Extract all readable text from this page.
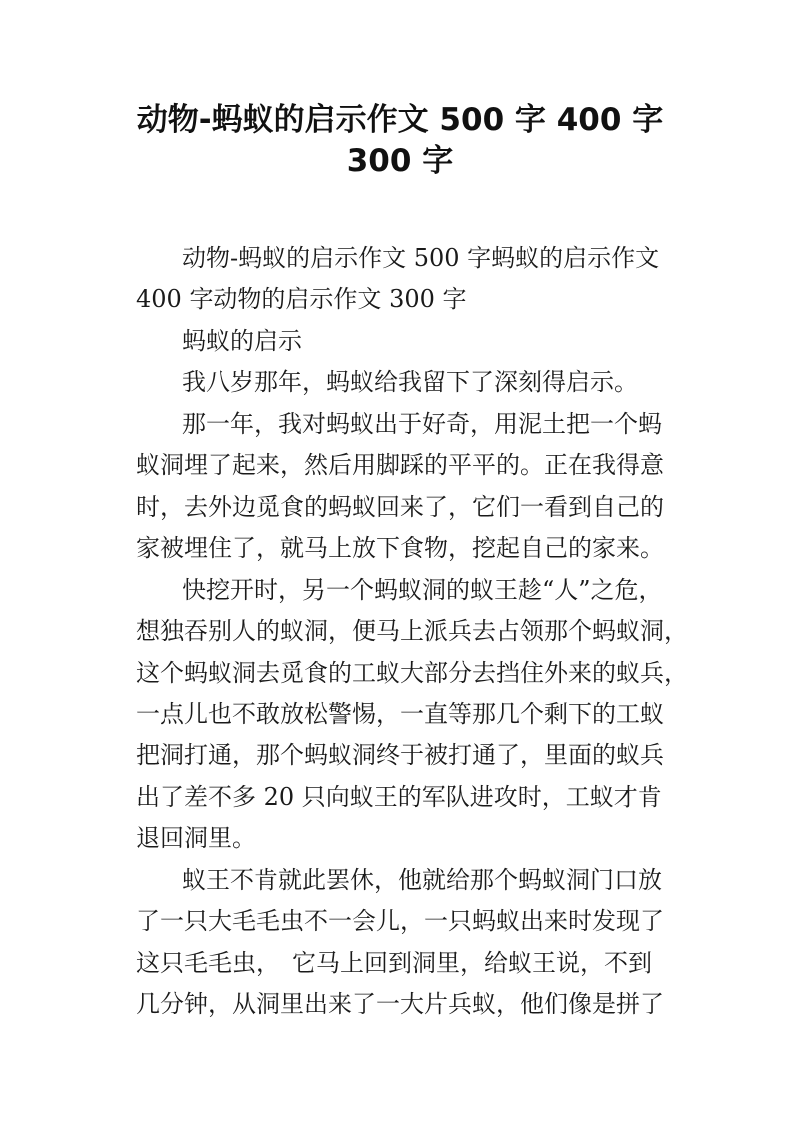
动物-蚂蚁的启示作文 500 字 400 字
300 字
动物-蚂蚁的启示作文 500 字蚂蚁的启示作文
400 字动物的启示作文 300 字
蚂蚁的启示
我八岁那年，蚂蚁给我留下了深刻得启示。
那一年，我对蚂蚁出于好奇，用泥土把一个蚂
蚁洞埋了起来，然后用脚踩的平平的。正在我得意
时，去外边觅食的蚂蚁回来了，它们一看到自己的
家被埋住了，就马上放下食物，挖起自己的家来。
快挖开时，另一个蚂蚁洞的蚁王趁“人”之危，
想独吞别人的蚁洞，便马上派兵去占领那个蚂蚁洞，
这个蚂蚁洞去觅食的工蚁大部分去挡住外来的蚁兵，
一点儿也不敢放松警惕，一直等那几个剩下的工蚁
把洞打通，那个蚂蚁洞终于被打通了，里面的蚁兵
出了差不多 20 只向蚁王的军队进攻时，工蚁才肯
退回洞里。
蚁王不肯就此罢休，他就给那个蚂蚁洞门口放
了一只大毛毛虫不一会儿，一只蚂蚁出来时发现了
这只毛毛虫，　它马上回到洞里，给蚁王说，不到
几分钟，从洞里出来了一大片兵蚁，他们像是拼了
